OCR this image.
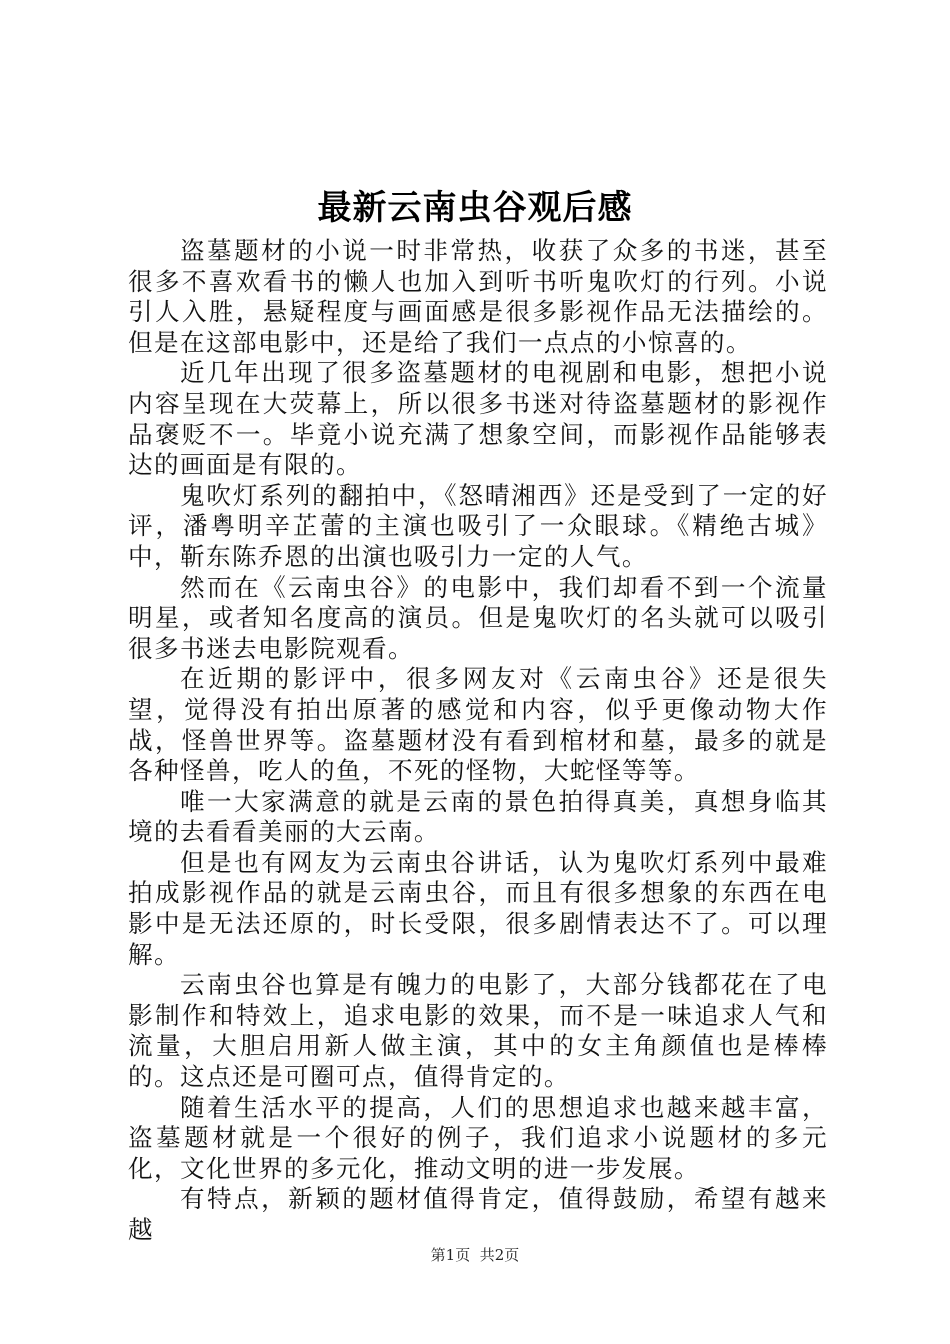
最新云南虫谷观后感

盗墓题材的小说一时非常热，收获了众多的书迷，甚至很多不喜欢看书的懒人也加入到听书听鬼吹灯的行列。小说引人入胜，悬疑程度与画面感是很多影视作品无法描绘的。但是在这部电影中，还是给了我们一点点的小惊喜的。

近几年出现了很多盗墓题材的电视剧和电影，想把小说内容呈现在大荧幕上，所以很多书迷对待盗墓题材的影视作品褒贬不一。毕竟小说充满了想象空间，而影视作品能够表达的画面是有限的。

鬼吹灯系列的翻拍中，《怒晴湘西》还是受到了一定的好评，潘粤明辛芷蕾的主演也吸引了一众眼球。《精绝古城》中，靳东陈乔恩的出演也吸引力一定的人气。

然而在《云南虫谷》的电影中，我们却看不到一个流量明星，或者知名度高的演员。但是鬼吹灯的名头就可以吸引很多书迷去电影院观看。

在近期的影评中，很多网友对《云南虫谷》还是很失望，觉得没有拍出原著的感觉和内容，似乎更像动物大作战，怪兽世界等。盗墓题材没有看到棺材和墓，最多的就是各种怪兽，吃人的鱼，不死的怪物，大蛇怪等等。

唯一大家满意的就是云南的景色拍得真美，真想身临其境的去看看美丽的大云南。

但是也有网友为云南虫谷讲话，认为鬼吹灯系列中最难拍成影视作品的就是云南虫谷，而且有很多想象的东西在电影中是无法还原的，时长受限，很多剧情表达不了。可以理解。

云南虫谷也算是有魄力的电影了，大部分钱都花在了电影制作和特效上，追求电影的效果，而不是一味追求人气和流量，大胆启用新人做主演，其中的女主角颜值也是棒棒的。这点还是可圈可点，值得肯定的。

随着生活水平的提高，人们的思想追求也越来越丰富，盗墓题材就是一个很好的例子，我们追求小说题材的多元化，文化世界的多元化，推动文明的进一步发展。

有特点，新颖的题材值得肯定，值得鼓励，希望有越来越

第1页 共2页
